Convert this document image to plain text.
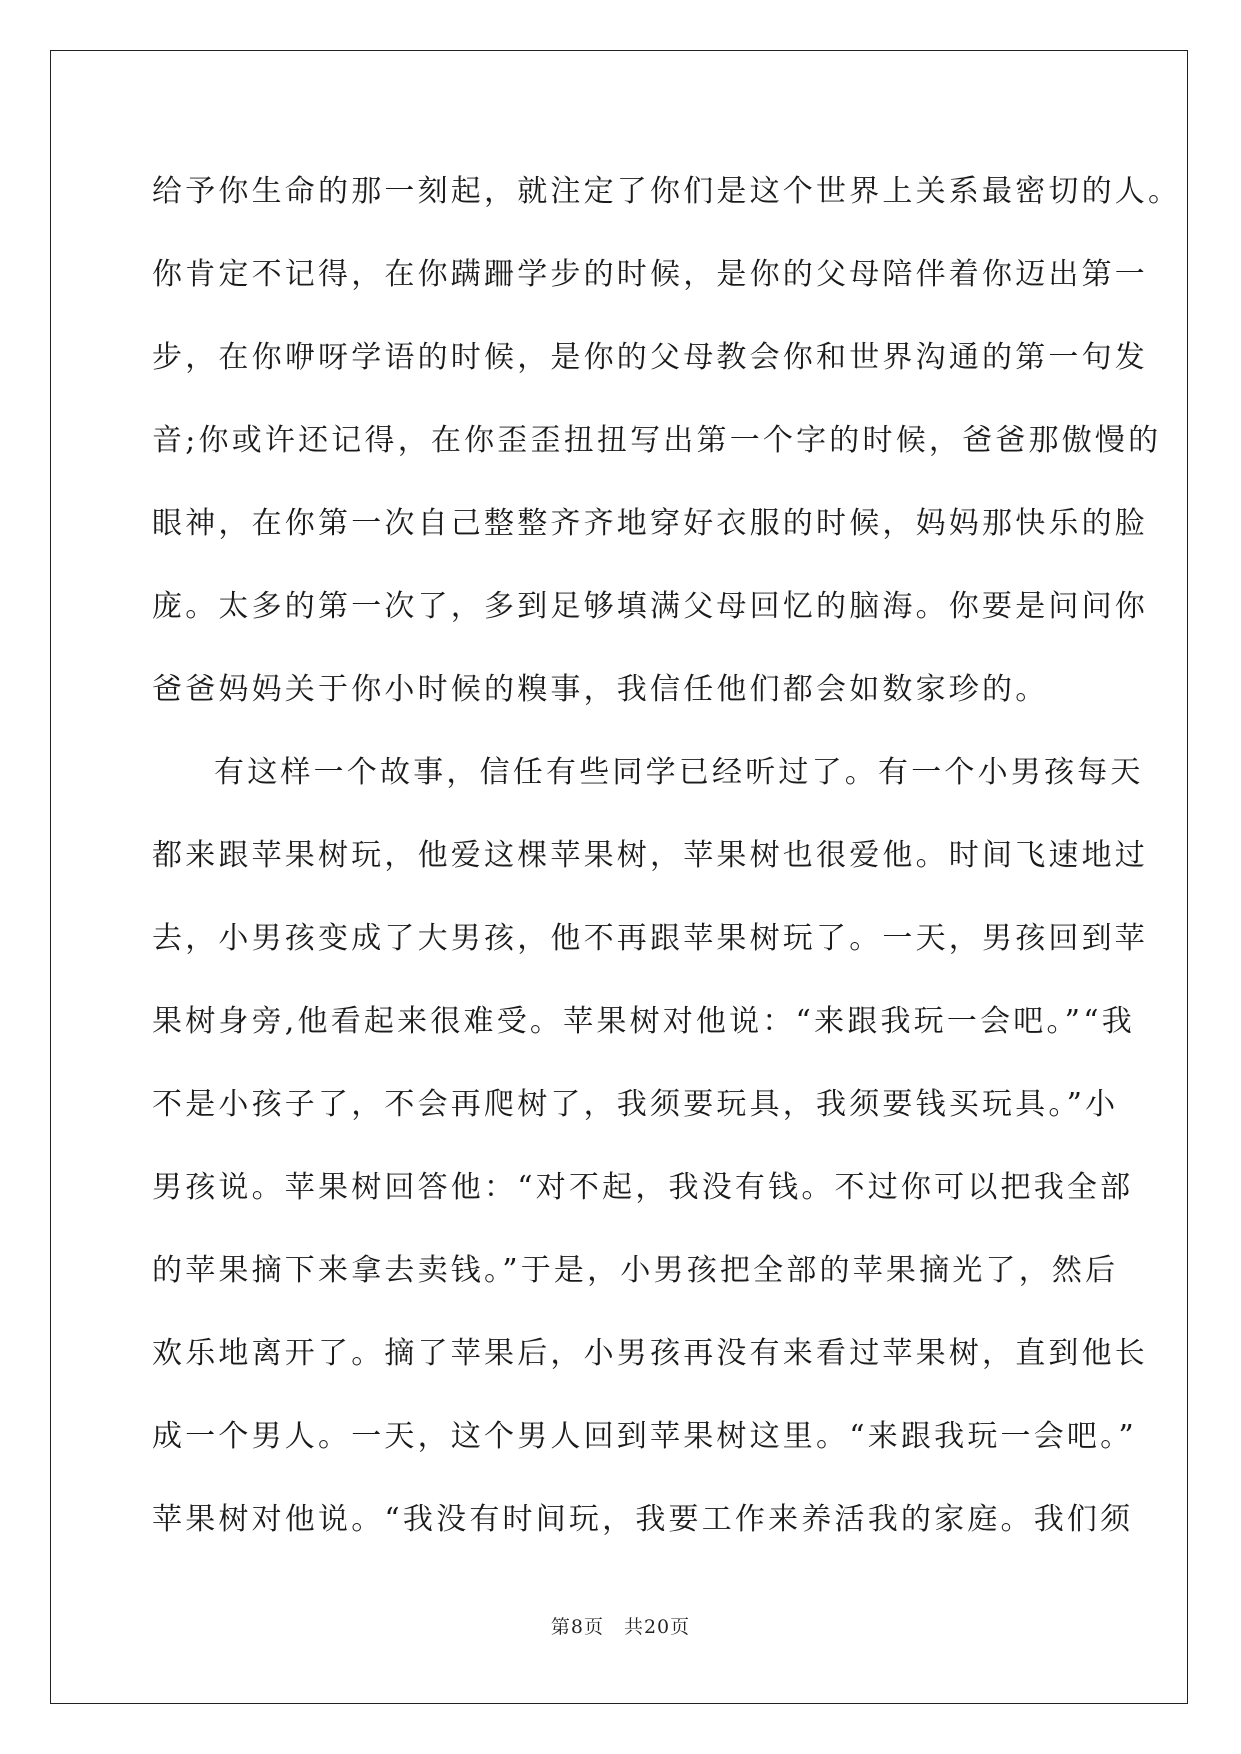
给予你生命的那一刻起，就注定了你们是这个世界上关系最密切的人。
你肯定不记得，在你蹒跚学步的时候，是你的父母陪伴着你迈出第一
步，在你咿呀学语的时候，是你的父母教会你和世界沟通的第一句发
音;你或许还记得，在你歪歪扭扭写出第一个字的时候，爸爸那傲慢的
眼神，在你第一次自己整整齐齐地穿好衣服的时候，妈妈那快乐的脸
庞。太多的第一次了，多到足够填满父母回忆的脑海。你要是问问你
爸爸妈妈关于你小时候的糗事，我信任他们都会如数家珍的。
有这样一个故事，信任有些同学已经听过了。有一个小男孩每天
都来跟苹果树玩，他爱这棵苹果树，苹果树也很爱他。时间飞速地过
去，小男孩变成了大男孩，他不再跟苹果树玩了。一天，男孩回到苹
果树身旁,他看起来很难受。苹果树对他说：“来跟我玩一会吧。”“我
不是小孩子了，不会再爬树了，我须要玩具，我须要钱买玩具。”小
男孩说。苹果树回答他：“对不起，我没有钱。不过你可以把我全部
的苹果摘下来拿去卖钱。”于是，小男孩把全部的苹果摘光了，然后
欢乐地离开了。摘了苹果后，小男孩再没有来看过苹果树，直到他长
成一个男人。一天，这个男人回到苹果树这里。“来跟我玩一会吧。”
苹果树对他说。“我没有时间玩，我要工作来养活我的家庭。我们须
第8页　共20页
